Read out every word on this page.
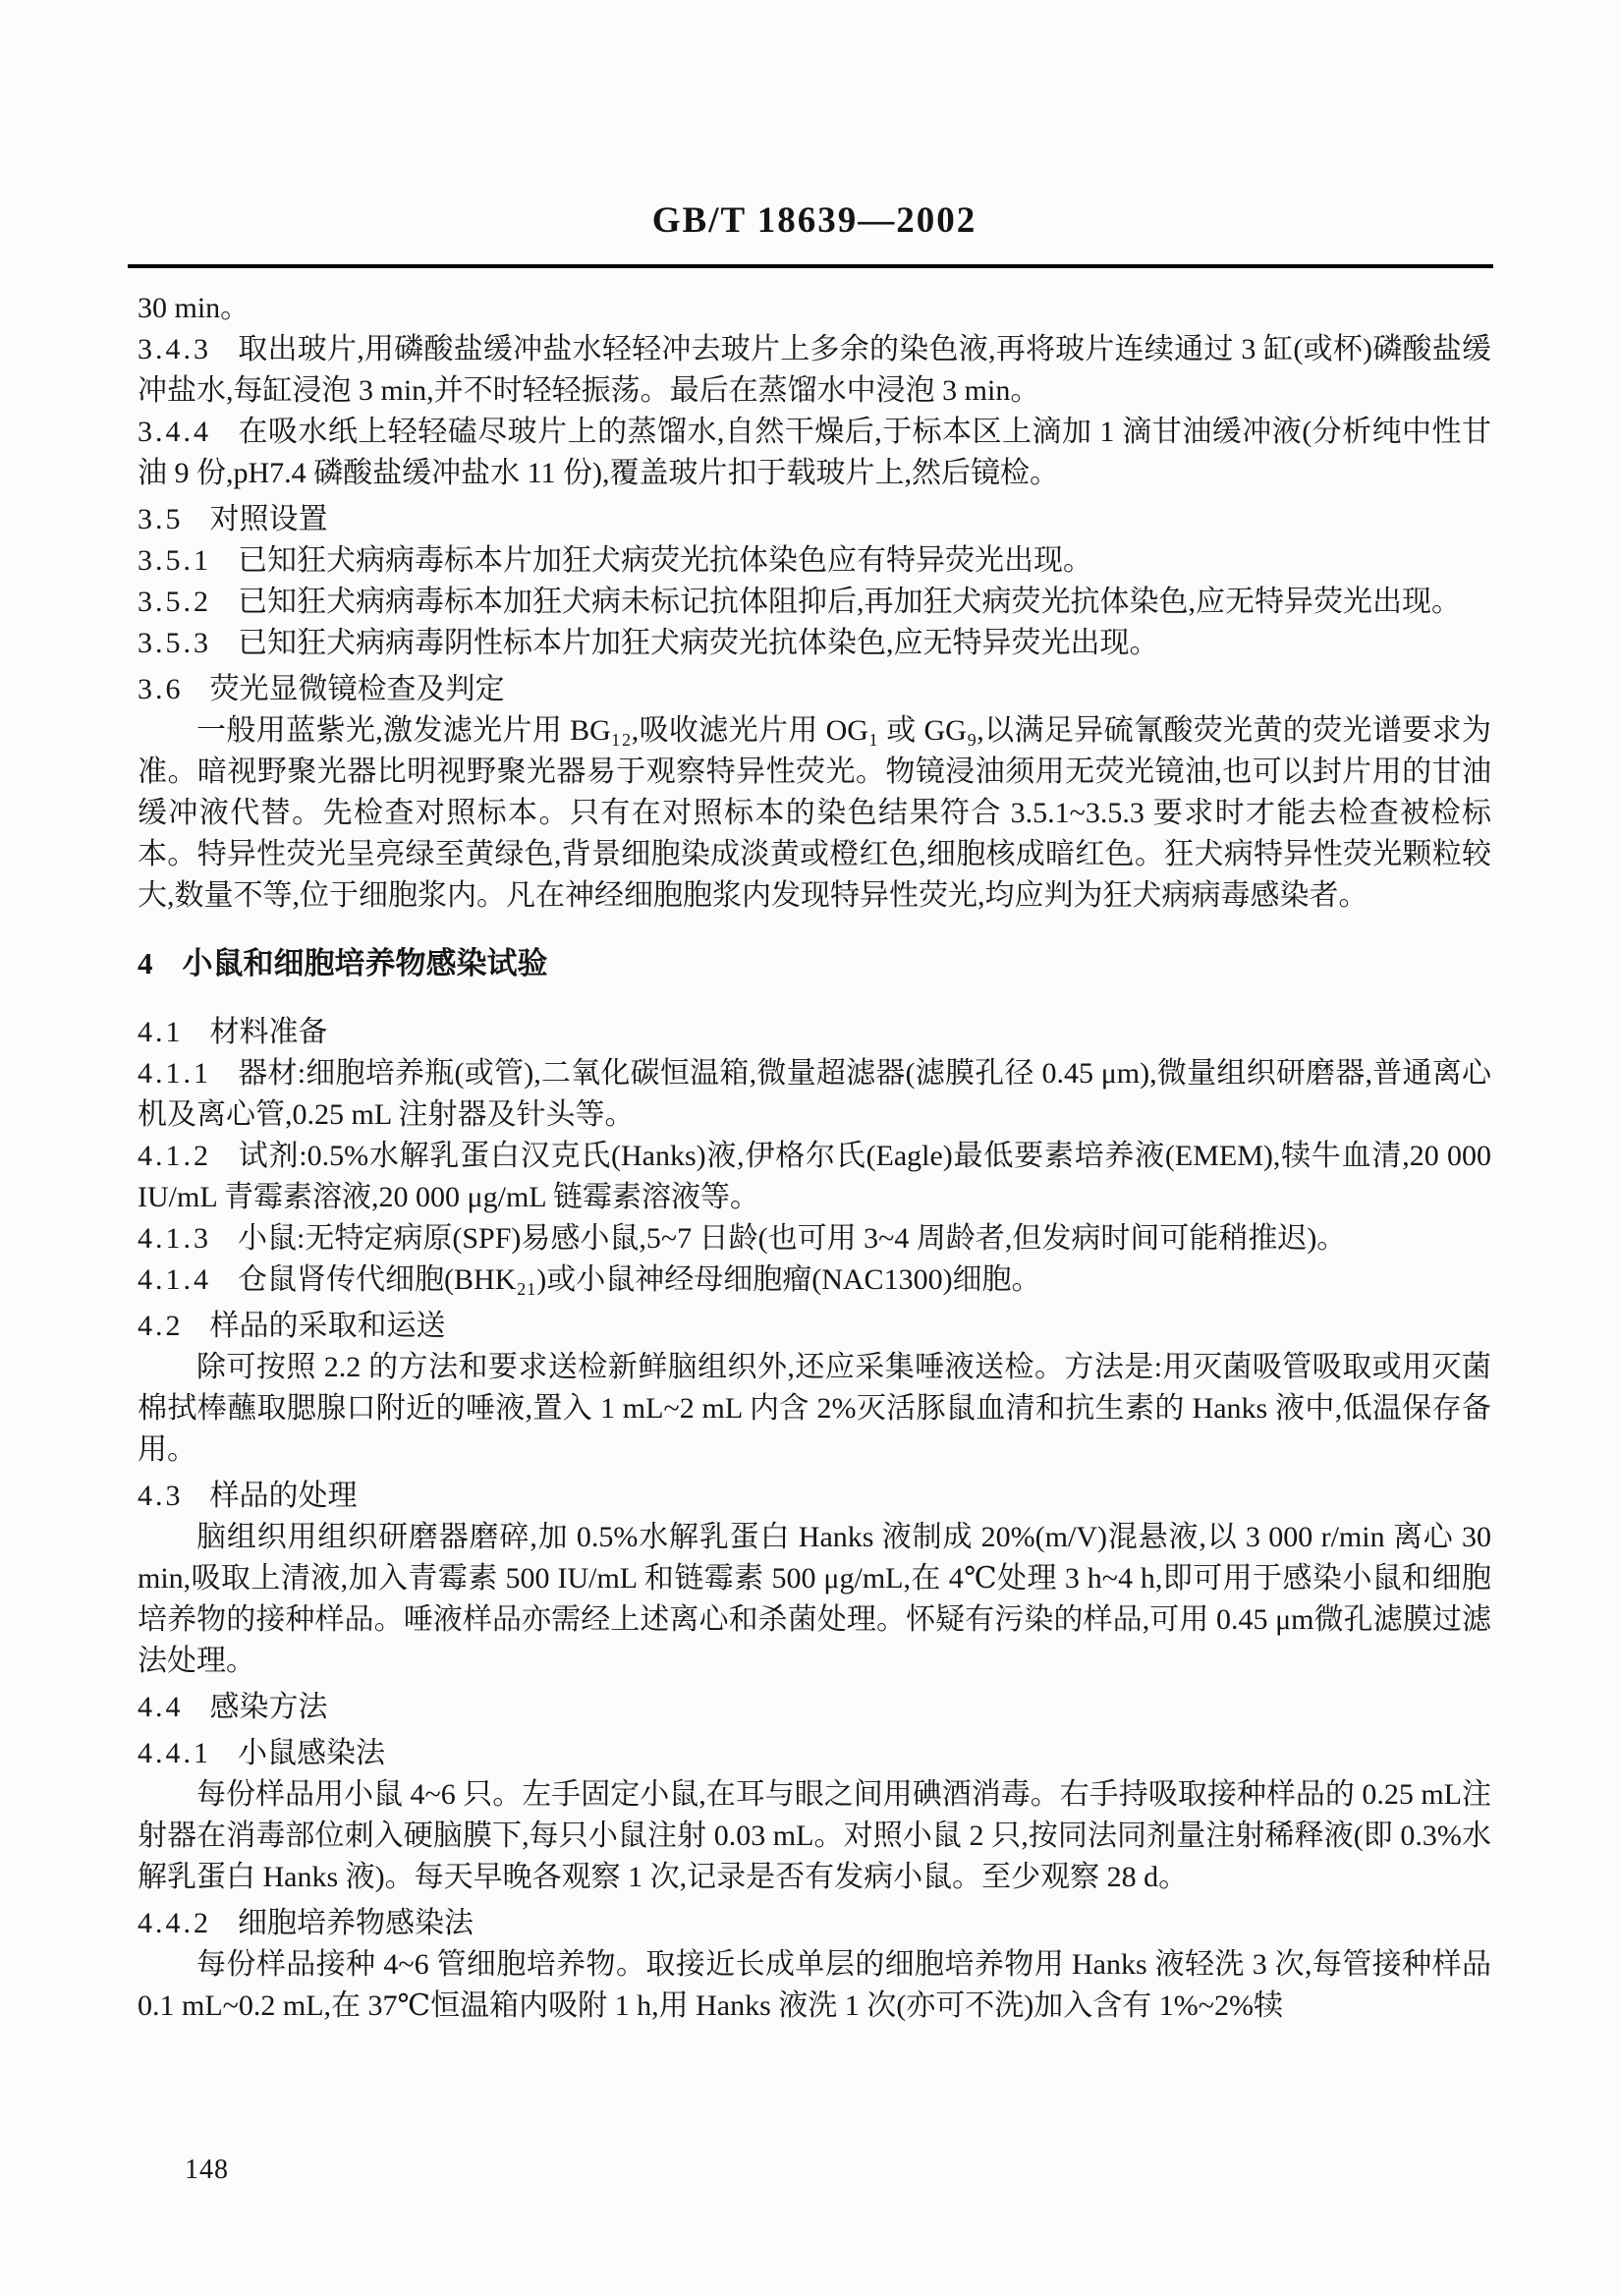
GB/T 18639—2002

30 min。

3.4.3 取出玻片,用磷酸盐缓冲盐水轻轻冲去玻片上多余的染色液,再将玻片连续通过 3 缸(或杯)磷酸盐缓冲盐水,每缸浸泡 3 min,并不时轻轻振荡。最后在蒸馏水中浸泡 3 min。

3.4.4 在吸水纸上轻轻磕尽玻片上的蒸馏水,自然干燥后,于标本区上滴加 1 滴甘油缓冲液(分析纯中性甘油 9 份,pH7.4 磷酸盐缓冲盐水 11 份),覆盖玻片扣于载玻片上,然后镜检。

3.5 对照设置

3.5.1 已知狂犬病病毒标本片加狂犬病荧光抗体染色应有特异荧光出现。

3.5.2 已知狂犬病病毒标本加狂犬病未标记抗体阻抑后,再加狂犬病荧光抗体染色,应无特异荧光出现。

3.5.3 已知狂犬病病毒阴性标本片加狂犬病荧光抗体染色,应无特异荧光出现。

3.6 荧光显微镜检查及判定

一般用蓝紫光,激发滤光片用 BG₁₂,吸收滤光片用 OG₁ 或 GG₉,以满足异硫氰酸荧光黄的荧光谱要求为准。暗视野聚光器比明视野聚光器易于观察特异性荧光。物镜浸油须用无荧光镜油,也可以封片用的甘油缓冲液代替。先检查对照标本。只有在对照标本的染色结果符合 3.5.1~3.5.3 要求时才能去检查被检标本。特异性荧光呈亮绿至黄绿色,背景细胞染成淡黄或橙红色,细胞核成暗红色。狂犬病特异性荧光颗粒较大,数量不等,位于细胞浆内。凡在神经细胞胞浆内发现特异性荧光,均应判为狂犬病病毒感染者。

4 小鼠和细胞培养物感染试验

4.1 材料准备

4.1.1 器材:细胞培养瓶(或管),二氧化碳恒温箱,微量超滤器(滤膜孔径 0.45 μm),微量组织研磨器,普通离心机及离心管,0.25 mL 注射器及针头等。

4.1.2 试剂:0.5%水解乳蛋白汉克氏(Hanks)液,伊格尔氏(Eagle)最低要素培养液(EMEM),犊牛血清,20 000 IU/mL 青霉素溶液,20 000 μg/mL 链霉素溶液等。

4.1.3 小鼠:无特定病原(SPF)易感小鼠,5~7 日龄(也可用 3~4 周龄者,但发病时间可能稍推迟)。

4.1.4 仓鼠肾传代细胞(BHK₂₁)或小鼠神经母细胞瘤(NAC1300)细胞。

4.2 样品的采取和运送

除可按照 2.2 的方法和要求送检新鲜脑组织外,还应采集唾液送检。方法是:用灭菌吸管吸取或用灭菌棉拭棒蘸取腮腺口附近的唾液,置入 1 mL~2 mL 内含 2%灭活豚鼠血清和抗生素的 Hanks 液中,低温保存备用。

4.3 样品的处理

脑组织用组织研磨器磨碎,加 0.5%水解乳蛋白 Hanks 液制成 20%(m/V)混悬液,以 3 000 r/min 离心 30 min,吸取上清液,加入青霉素 500 IU/mL 和链霉素 500 μg/mL,在 4℃处理 3 h~4 h,即可用于感染小鼠和细胞培养物的接种样品。唾液样品亦需经上述离心和杀菌处理。怀疑有污染的样品,可用 0.45 μm微孔滤膜过滤法处理。

4.4 感染方法

4.4.1 小鼠感染法

每份样品用小鼠 4~6 只。左手固定小鼠,在耳与眼之间用碘酒消毒。右手持吸取接种样品的 0.25 mL注射器在消毒部位刺入硬脑膜下,每只小鼠注射 0.03 mL。对照小鼠 2 只,按同法同剂量注射稀释液(即 0.3%水解乳蛋白 Hanks 液)。每天早晚各观察 1 次,记录是否有发病小鼠。至少观察 28 d。

4.4.2 细胞培养物感染法

每份样品接种 4~6 管细胞培养物。取接近长成单层的细胞培养物用 Hanks 液轻洗 3 次,每管接种样品 0.1 mL~0.2 mL,在 37℃恒温箱内吸附 1 h,用 Hanks 液洗 1 次(亦可不洗)加入含有 1%~2%犊

148
